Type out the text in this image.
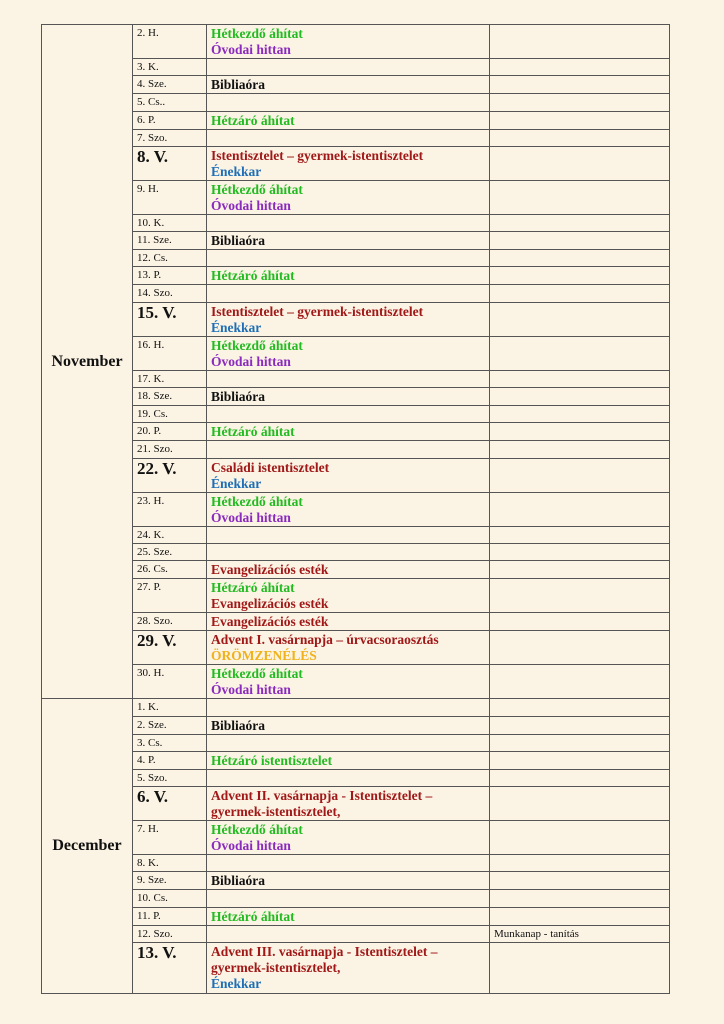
November	2. H.	Hétkezdő áhítat
Óvodai hittan	

	3. K.		
	4. Sze.	Bibliaóra	

	5. Cs..		
	6. P.	Hétzáró áhítat	

	7. Szo.		
	8. V.	Istentisztelet – gyermek-istentisztelet
Énekkar	

	9. H.	Hétkezdő áhítat
Óvodai hittan	

	10. K.		
	11. Sze.	Bibliaóra	

	12. Cs.		
	13. P.	Hétzáró áhítat	

	14. Szo.		
	15. V.	Istentisztelet – gyermek-istentisztelet
Énekkar	

	16. H.	Hétkezdő áhítat
Óvodai hittan	

	17. K.		
	18. Sze.	Bibliaóra	

	19. Cs.		
	20. P.	Hétzáró áhítat	

	21. Szo.		
	22. V.	Családi istentisztelet
Énekkar	

	23. H.	Hétkezdő áhítat
Óvodai hittan	

	24. K.		
	25. Sze.		
	26. Cs.	Evangelizációs esték	

	27. P.	Hétzáró áhítat
Evangelizációs esték	

	28. Szo.	Evangelizációs esték	

	29. V.	Advent I. vasárnapja – úrvacsoraosztás
ÖRÖMZENÉLÉS	

	30. H.	Hétkezdő áhítat
Óvodai hittan	

December	1. K.		
	2. Sze.	Bibliaóra	

	3. Cs.		
	4. P.	Hétzáró istentisztelet	

	5. Szo.		
	6. V.	Advent II. vasárnapja - Istentisztelet –
gyermek-istentisztelet,	

	7. H.	Hétkezdő áhítat
Óvodai hittan	

	8. K.		
	9. Sze.	Bibliaóra	

	10. Cs.		
	11. P.	Hétzáró áhítat	

	12. Szo.		Munkanap - tanítás
	13. V.	Advent III. vasárnapja - Istentisztelet –
gyermek-istentisztelet,
Énekkar	
